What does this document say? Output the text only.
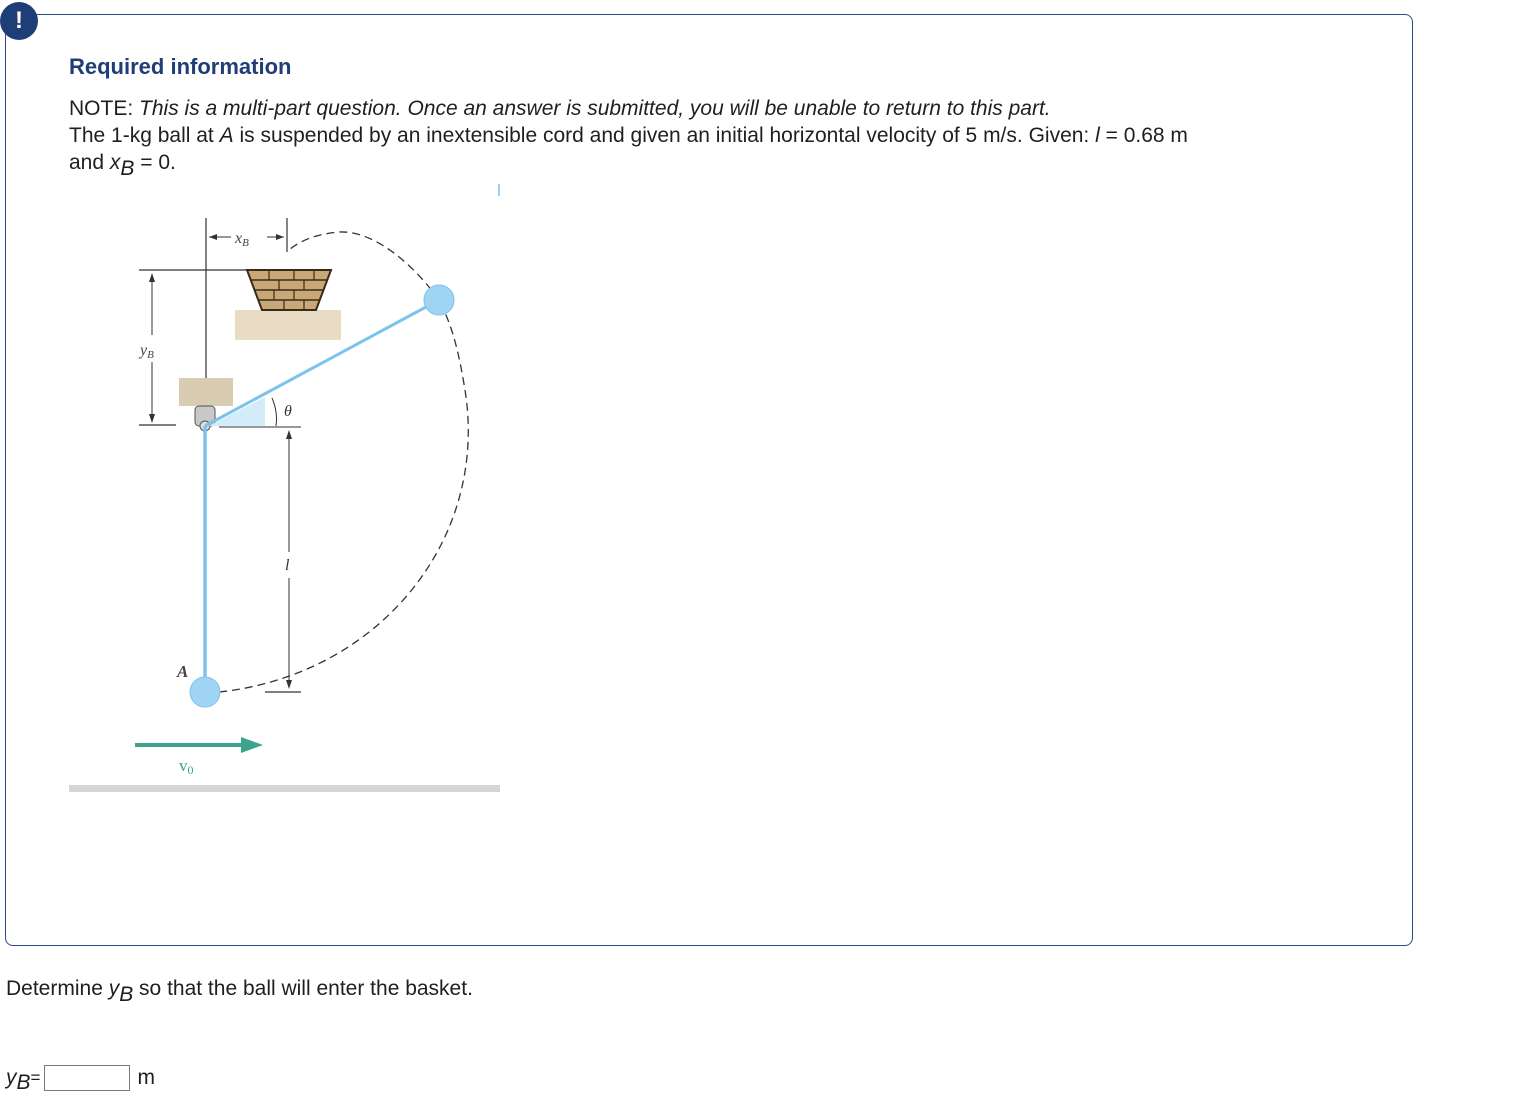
!
Required information

NOTE: This is a multi-part question. Once an answer is submitted, you will be unable to return to this part.

The 1-kg ball at A is suspended by an inextensible cord and given an initial horizontal velocity of 5 m/s. Given: l = 0.68 m

and xB = 0.

xB
yB
θ
l
A
v0
Determine yB so that the ball will enter the basket.
y B =	m
